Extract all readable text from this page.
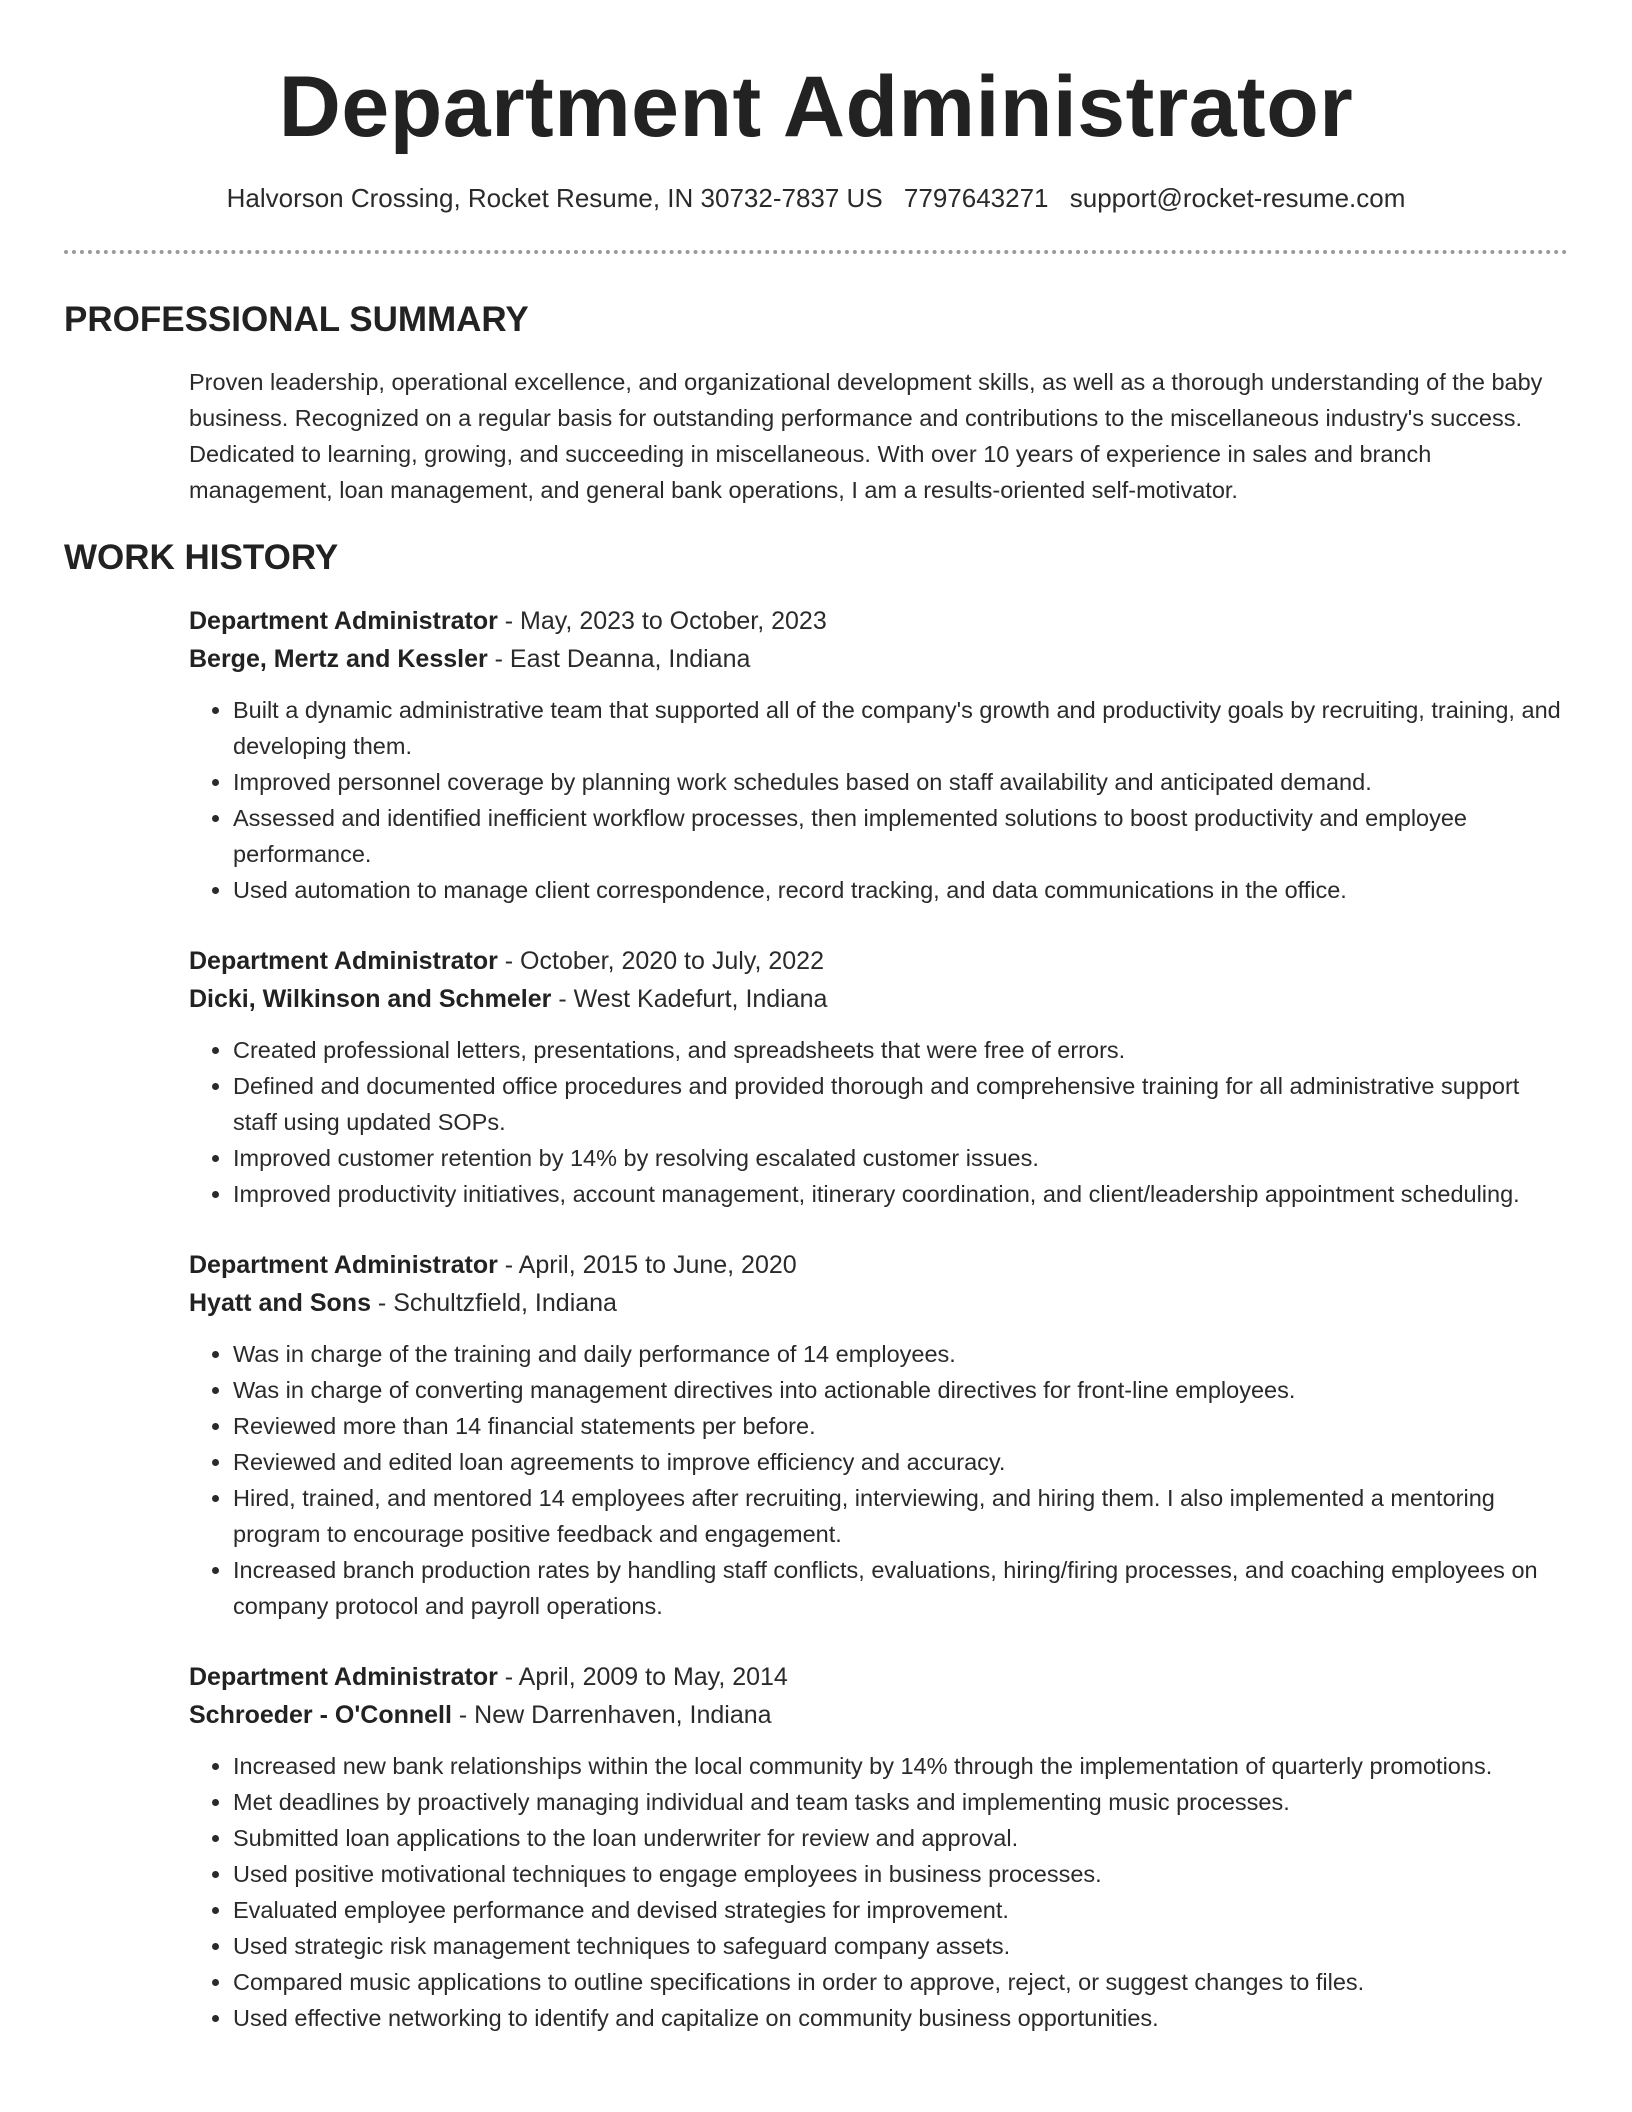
Department Administrator
Halvorson Crossing, Rocket Resume, IN 30732-7837 US 7797643271 support@rocket-resume.com
PROFESSIONAL SUMMARY

Proven leadership, operational excellence, and organizational development skills, as well as a thorough understanding of the baby business. Recognized on a regular basis for outstanding performance and contributions to the miscellaneous industry's success. Dedicated to learning, growing, and succeeding in miscellaneous. With over 10 years of experience in sales and branch management, loan management, and general bank operations, I am a results-oriented self-motivator.

WORK HISTORY
Department Administrator - May, 2023 to October, 2023
Berge, Mertz and Kessler - East Deanna, Indiana
• Built a dynamic administrative team that supported all of the company's growth and productivity goals by recruiting, training, and developing them.
• Improved personnel coverage by planning work schedules based on staff availability and anticipated demand.
• Assessed and identified inefficient workflow processes, then implemented solutions to boost productivity and employee performance.
• Used automation to manage client correspondence, record tracking, and data communications in the office.
Department Administrator - October, 2020 to July, 2022
Dicki, Wilkinson and Schmeler - West Kadefurt, Indiana
• Created professional letters, presentations, and spreadsheets that were free of errors.
• Defined and documented office procedures and provided thorough and comprehensive training for all administrative support staff using updated SOPs.
• Improved customer retention by 14% by resolving escalated customer issues.
• Improved productivity initiatives, account management, itinerary coordination, and client/leadership appointment scheduling.
Department Administrator - April, 2015 to June, 2020
Hyatt and Sons - Schultzfield, Indiana
• Was in charge of the training and daily performance of 14 employees.
• Was in charge of converting management directives into actionable directives for front-line employees.
• Reviewed more than 14 financial statements per before.
• Reviewed and edited loan agreements to improve efficiency and accuracy.
• Hired, trained, and mentored 14 employees after recruiting, interviewing, and hiring them. I also implemented a mentoring program to encourage positive feedback and engagement.
• Increased branch production rates by handling staff conflicts, evaluations, hiring/firing processes, and coaching employees on company protocol and payroll operations.
Department Administrator - April, 2009 to May, 2014
Schroeder - O'Connell - New Darrenhaven, Indiana
• Increased new bank relationships within the local community by 14% through the implementation of quarterly promotions.
• Met deadlines by proactively managing individual and team tasks and implementing music processes.
• Submitted loan applications to the loan underwriter for review and approval.
• Used positive motivational techniques to engage employees in business processes.
• Evaluated employee performance and devised strategies for improvement.
• Used strategic risk management techniques to safeguard company assets.
• Compared music applications to outline specifications in order to approve, reject, or suggest changes to files.
• Used effective networking to identify and capitalize on community business opportunities.
